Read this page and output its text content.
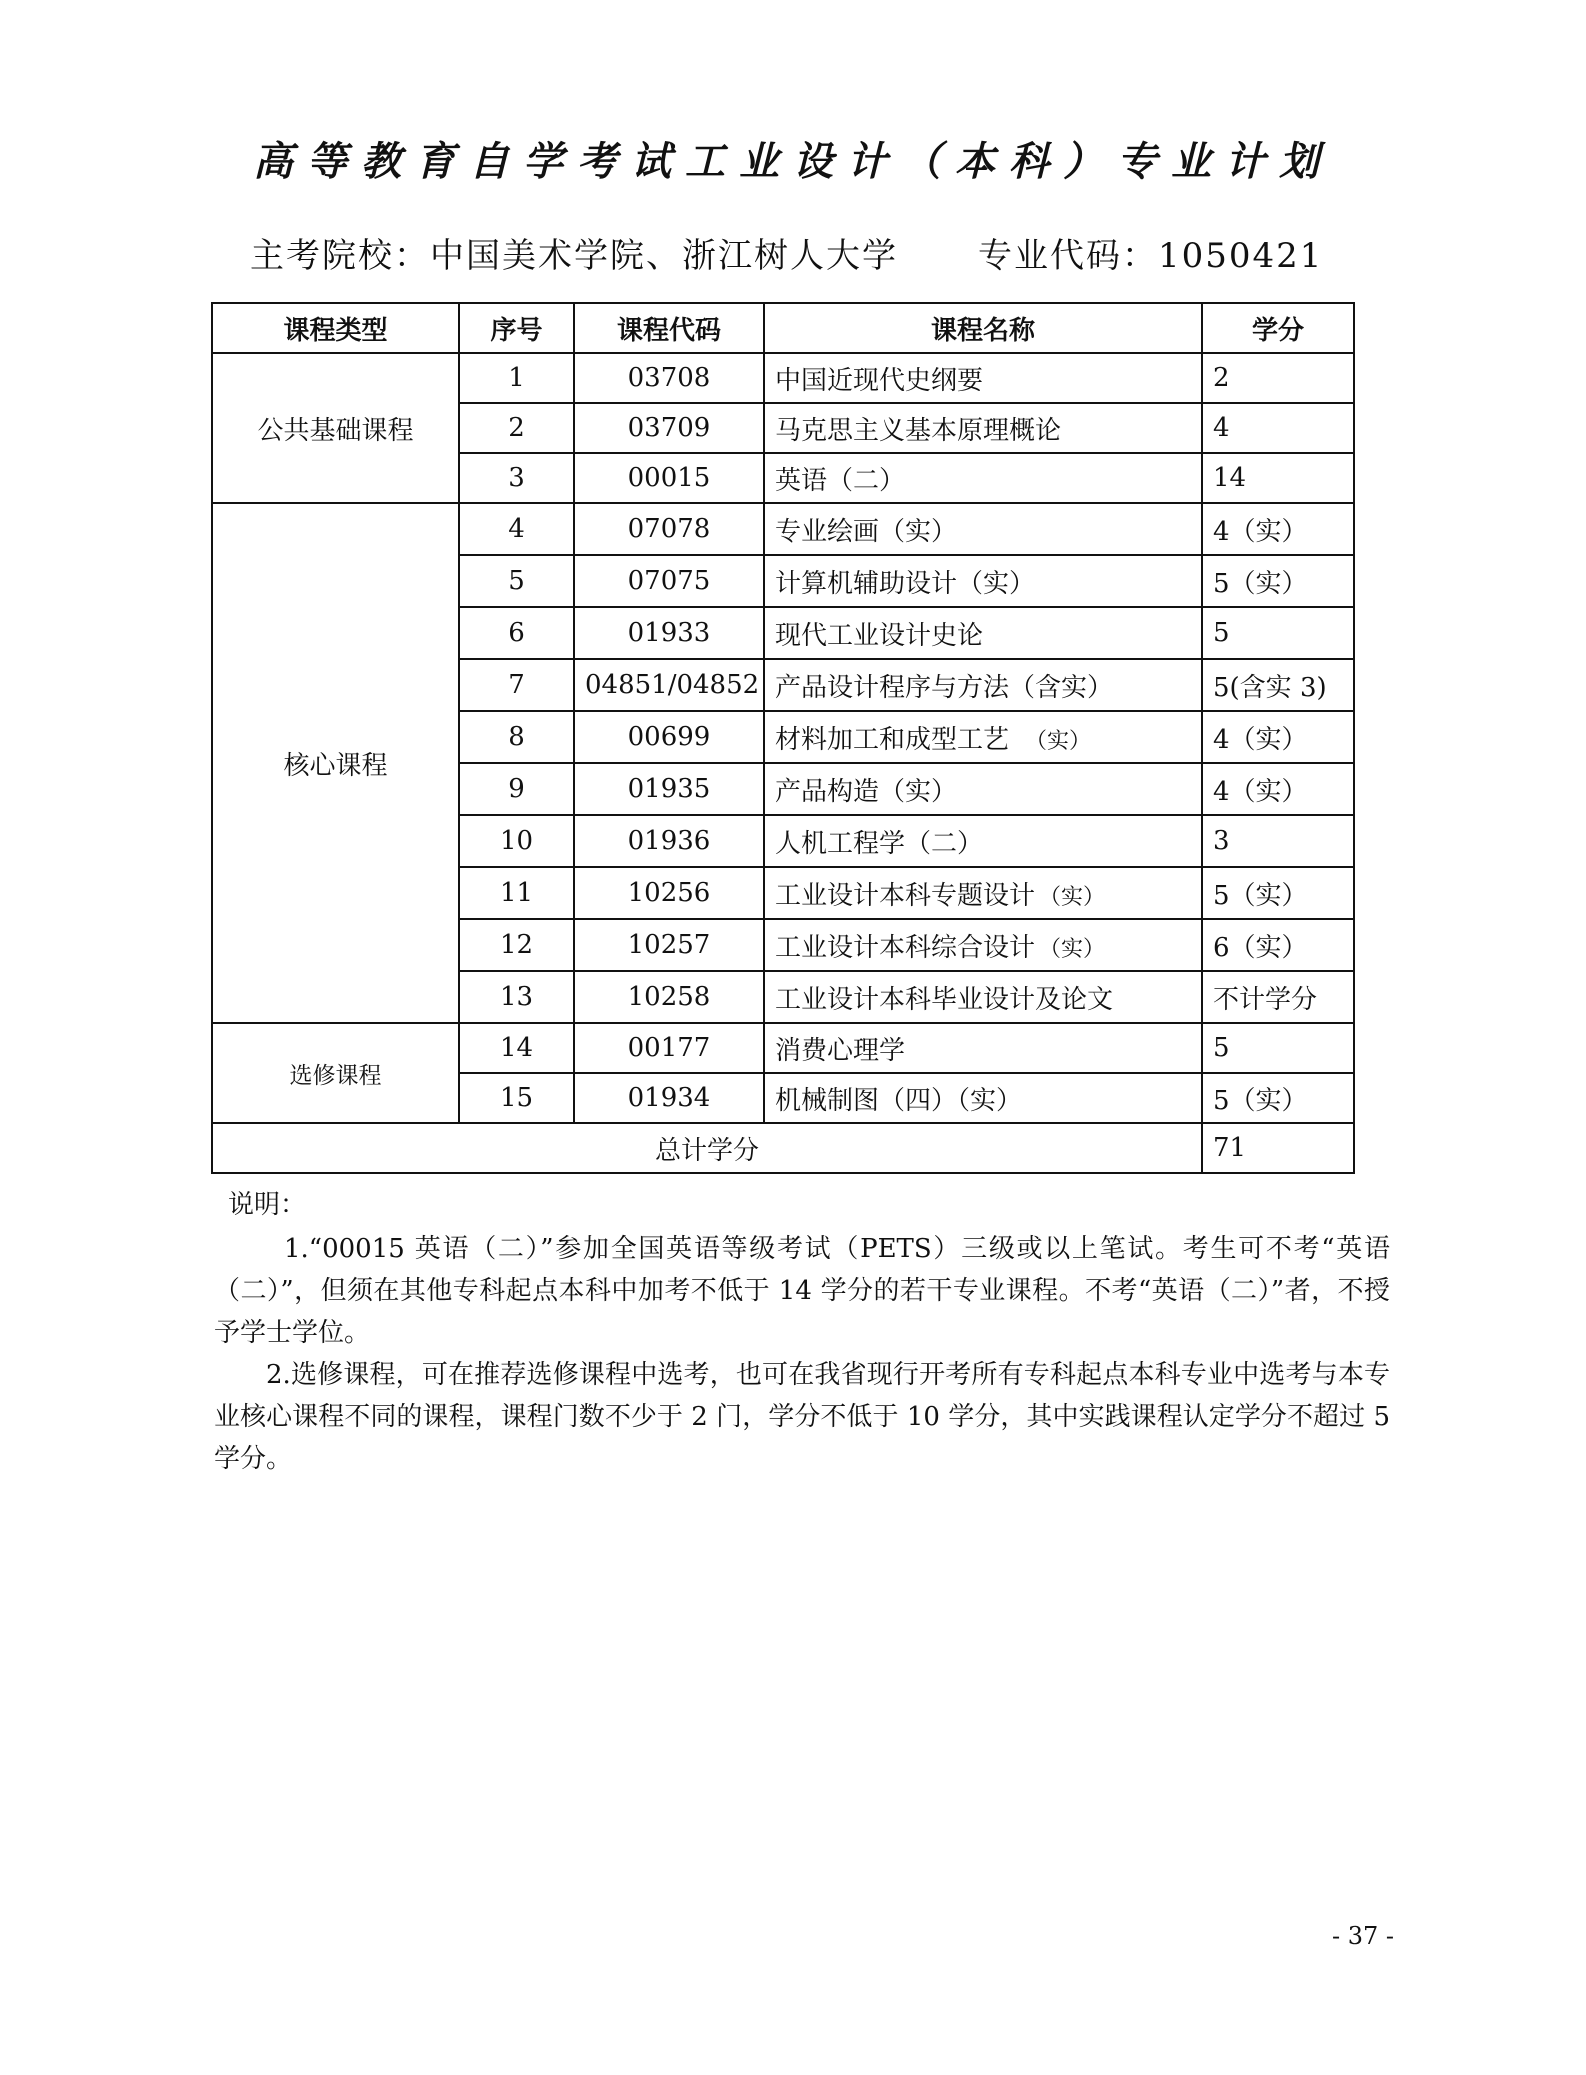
高等教育自学考试工业设计（本科）专业计划
主考院校：中国美术学院、浙江树人大学 专业代码：1050421
课程类型	序号	课程代码	课程名称	学分
公共基础课程	1	03708	中国近现代史纲要	2
	2	03709	马克思主义基本原理概论	4
	3	00015	英语（二）	14
核心课程	4	07078	专业绘画（实）	4（实）
	5	07075	计算机辅助设计（实）	5（实）
	6	01933	现代工业设计史论	5
	7	04851/04852	产品设计程序与方法（含实）	5(含实 3)
	8	00699	材料加工和成型工艺 （实）	4（实）
	9	01935	产品构造（实）	4（实）
	10	01936	人机工程学（二）	3
	11	10256	工业设计本科专题设计 （实）	5（实）
	12	10257	工业设计本科综合设计 （实）	6（实）
	13	10258	工业设计本科毕业设计及论文	不计学分
选修课程	14	00177	消费心理学	5
	15	01934	机械制图（四）（实）	5（实）
总计学分				71
说明：
1.“00015 英语（二）”参加全国英语等级考试（PETS）三级或以上笔试。考生可不考“英语（二）”，但须在其他专科起点本科中加考不低于 14 学分的若干专业课程。不考“英语（二）”者，不授予学士学位。
2.选修课程，可在推荐选修课程中选考，也可在我省现行开考所有专科起点本科专业中选考与本专业核心课程不同的课程，课程门数不少于 2 门，学分不低于 10 学分，其中实践课程认定学分不超过 5 学分。
- 37 -
